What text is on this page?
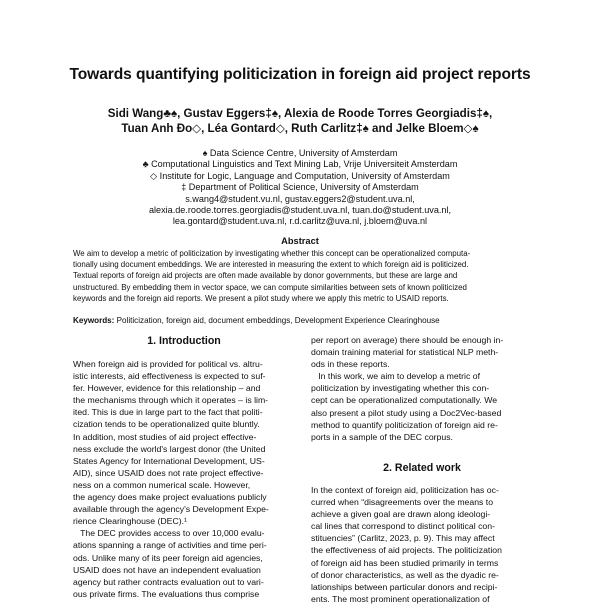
Towards quantifying politicization in foreign aid project reports
Sidi Wang♣♠, Gustav Eggers‡♠, Alexia de Roode Torres Georgiadis‡♠,
Tuan Anh Đo◇, Léa Gontard◇, Ruth Carlitz‡♠ and Jelke Bloem◇♠
♠ Data Science Centre, University of Amsterdam
♣ Computational Linguistics and Text Mining Lab, Vrije Universiteit Amsterdam
◇ Institute for Logic, Language and Computation, University of Amsterdam
‡ Department of Political Science, University of Amsterdam
s.wang4@student.vu.nl, gustav.eggers2@student.uva.nl,
alexia.de.roode.torres.georgiadis@student.uva.nl, tuan.do@student.uva.nl,
lea.gontard@student.uva.nl, r.d.carlitz@uva.nl, j.bloem@uva.nl
Abstract
We aim to develop a metric of politicization by investigating whether this concept can be operationalized computa-
tionally using document embeddings. We are interested in measuring the extent to which foreign aid is politicized.
Textual reports of foreign aid projects are often made available by donor governments, but these are large and
unstructured. By embedding them in vector space, we can compute similarities between sets of known politicized
keywords and the foreign aid reports. We present a pilot study where we apply this metric to USAID reports.
Keywords: Politicization, foreign aid, document embeddings, Development Experience Clearinghouse
1. Introduction
When foreign aid is provided for political vs. altru-
istic interests, aid effectiveness is expected to suf-
fer. However, evidence for this relationship – and
the mechanisms through which it operates – is lim-
ited. This is due in large part to the fact that politi-
cization tends to be operationalized quite bluntly.
In addition, most studies of aid project effective-
ness exclude the world's largest donor (the United
States Agency for International Development, US-
AID), since USAID does not rate project effective-
ness on a common numerical scale. However,
the agency does make project evaluations publicly
available through the agency's Development Expe-
rience Clearinghouse (DEC).¹
The DEC provides access to over 10,000 evalu-
ations spanning a range of activities and time peri-
ods. Unlike many of its peer foreign aid agencies,
USAID does not have an independent evaluation
agency but rather contracts evaluation out to vari-
ous private firms. The evaluations thus comprise
per report on average) there should be enough in-
domain training material for statistical NLP meth-
ods in these reports.
In this work, we aim to develop a metric of
politicization by investigating whether this con-
cept can be operationalized computationally. We
also present a pilot study using a Doc2Vec-based
method to quantify politicization of foreign aid re-
ports in a sample of the DEC corpus.
2. Related work
In the context of foreign aid, politicization has oc-
curred when “disagreements over the means to
achieve a given goal are drawn along ideologi-
cal lines that correspond to distinct political con-
stituencies” (Carlitz, 2023, p. 9). This may affect
the effectiveness of aid projects. The politicization
of foreign aid has been studied primarily in terms
of donor characteristics, as well as the dyadic re-
lationships between particular donors and recipi-
ents. The most prominent operationalization of
